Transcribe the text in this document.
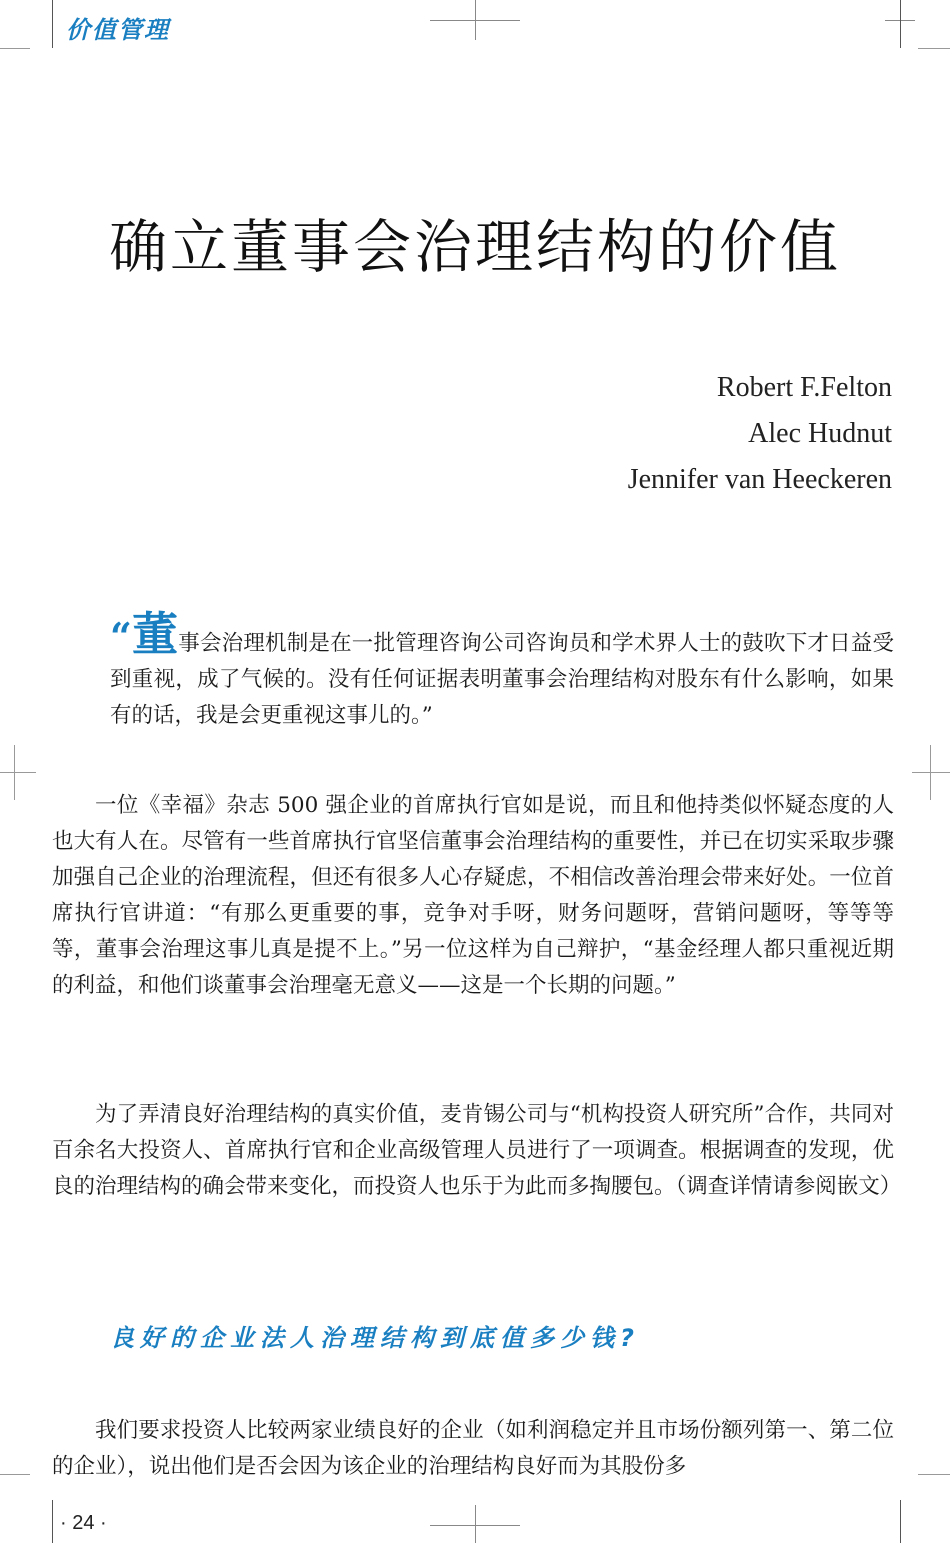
价值管理
确立董事会治理结构的价值
Robert F.Felton
Alec Hudnut
Jennifer van Heeckeren
“董事会治理机制是在一批管理咨询公司咨询员和学术界人士的鼓吹下才日益受到重视，成了气候的。没有任何证据表明董事会治理结构对股东有什么影响，如果有的话，我是会更重视这事儿的。”
一位《幸福》杂志 500 强企业的首席执行官如是说，而且和他持类似怀疑态度的人也大有人在。尽管有一些首席执行官坚信董事会治理结构的重要性，并已在切实采取步骤加强自己企业的治理流程，但还有很多人心存疑虑，不相信改善治理会带来好处。一位首席执行官讲道：“有那么更重要的事，竞争对手呀，财务问题呀，营销问题呀，等等等等，董事会治理这事儿真是提不上。”另一位这样为自己辩护，“基金经理人都只重视近期的利益，和他们谈董事会治理毫无意义——这是一个长期的问题。”
为了弄清良好治理结构的真实价值，麦肯锡公司与“机构投资人研究所”合作，共同对百余名大投资人、首席执行官和企业高级管理人员进行了一项调查。根据调查的发现，优良的治理结构的确会带来变化，而投资人也乐于为此而多掏腰包。（调查详情请参阅嵌文）
良好的企业法人治理结构到底值多少钱?
我们要求投资人比较两家业绩良好的企业（如利润稳定并且市场份额列第一、第二位的企业），说出他们是否会因为该企业的治理结构良好而为其股份多
· 24 ·
